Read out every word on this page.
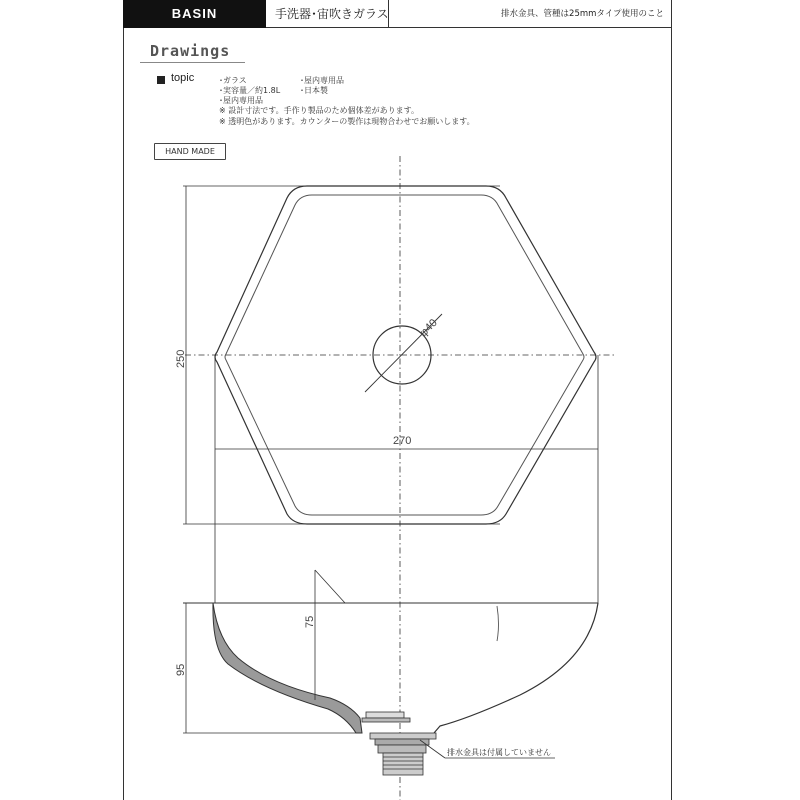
BASIN	手洗器･宙吹きガラス	排水金具、管種は25mmタイプ使用のこと
Drawings
topic	･ガラス
･実容量／約1.8L
･屋内専用品
･屋内専用品
･日本製
※ 設計寸法です。手作り製品のため個体差があります。
※ 透明色があります。カウンターの製作は現物合わせでお願いします。
HAND MADE
φ40
250
270
75
95
排水金具は付属していません
